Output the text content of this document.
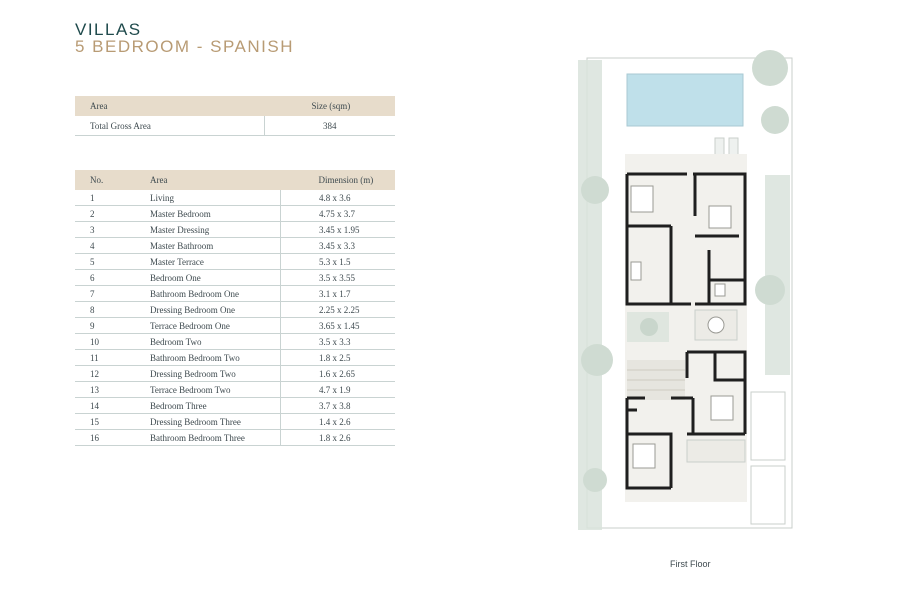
VILLAS
5 BEDROOM - SPANISH
Area	Size (sqm)
Total Gross Area	384
No.	Area	Dimension (m)
1	Living	4.8 x 3.6
2	Master Bedroom	4.75 x 3.7
3	Master Dressing	3.45 x 1.95
4	Master Bathroom	3.45 x 3.3
5	Master Terrace	5.3 x 1.5
6	Bedroom One	3.5 x 3.55
7	Bathroom Bedroom One	3.1 x 1.7
8	Dressing Bedroom One	2.25 x 2.25
9	Terrace Bedroom One	3.65 x 1.45
10	Bedroom Two	3.5 x 3.3
11	Bathroom Bedroom Two	1.8 x 2.5
12	Dressing Bedroom Two	1.6 x 2.65
13	Terrace Bedroom Two	4.7 x 1.9
14	Bedroom Three	3.7 x 3.8
15	Dressing Bedroom Three	1.4 x 2.6
16	Bathroom Bedroom Three	1.8 x 2.6
First Floor
